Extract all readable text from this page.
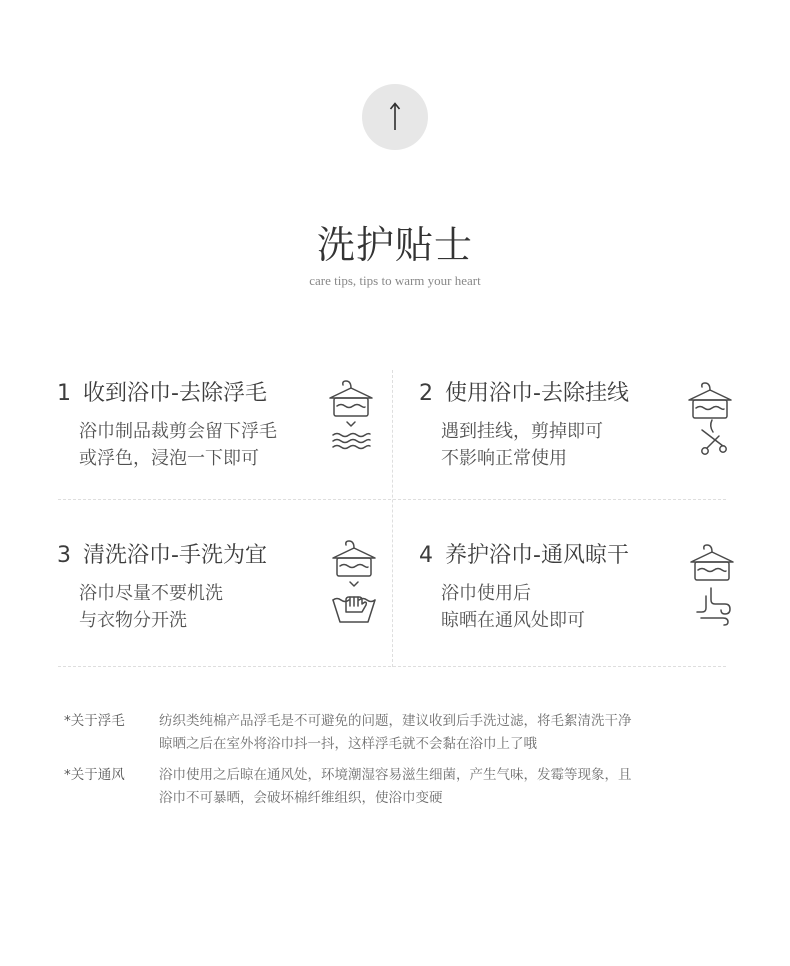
洗护贴士
care tips, tips to warm your heart
1 收到浴巾-去除浮毛
浴巾制品裁剪会留下浮毛
或浮色，浸泡一下即可
2 使用浴巾-去除挂线
遇到挂线，剪掉即可
不影响正常使用
3 清洗浴巾-手洗为宜
浴巾尽量不要机洗
与衣物分开洗
4 养护浴巾-通风晾干
浴巾使用后
晾晒在通风处即可
*关于浮毛	纺织类纯棉产品浮毛是不可避免的问题，建议收到后手洗过滤，将毛絮清洗干净
晾晒之后在室外将浴巾抖一抖，这样浮毛就不会黏在浴巾上了哦
*关于通风	浴巾使用之后晾在通风处，环境潮湿容易滋生细菌，产生气味，发霉等现象，且
浴巾不可暴晒，会破坏棉纤维组织，使浴巾变硬
